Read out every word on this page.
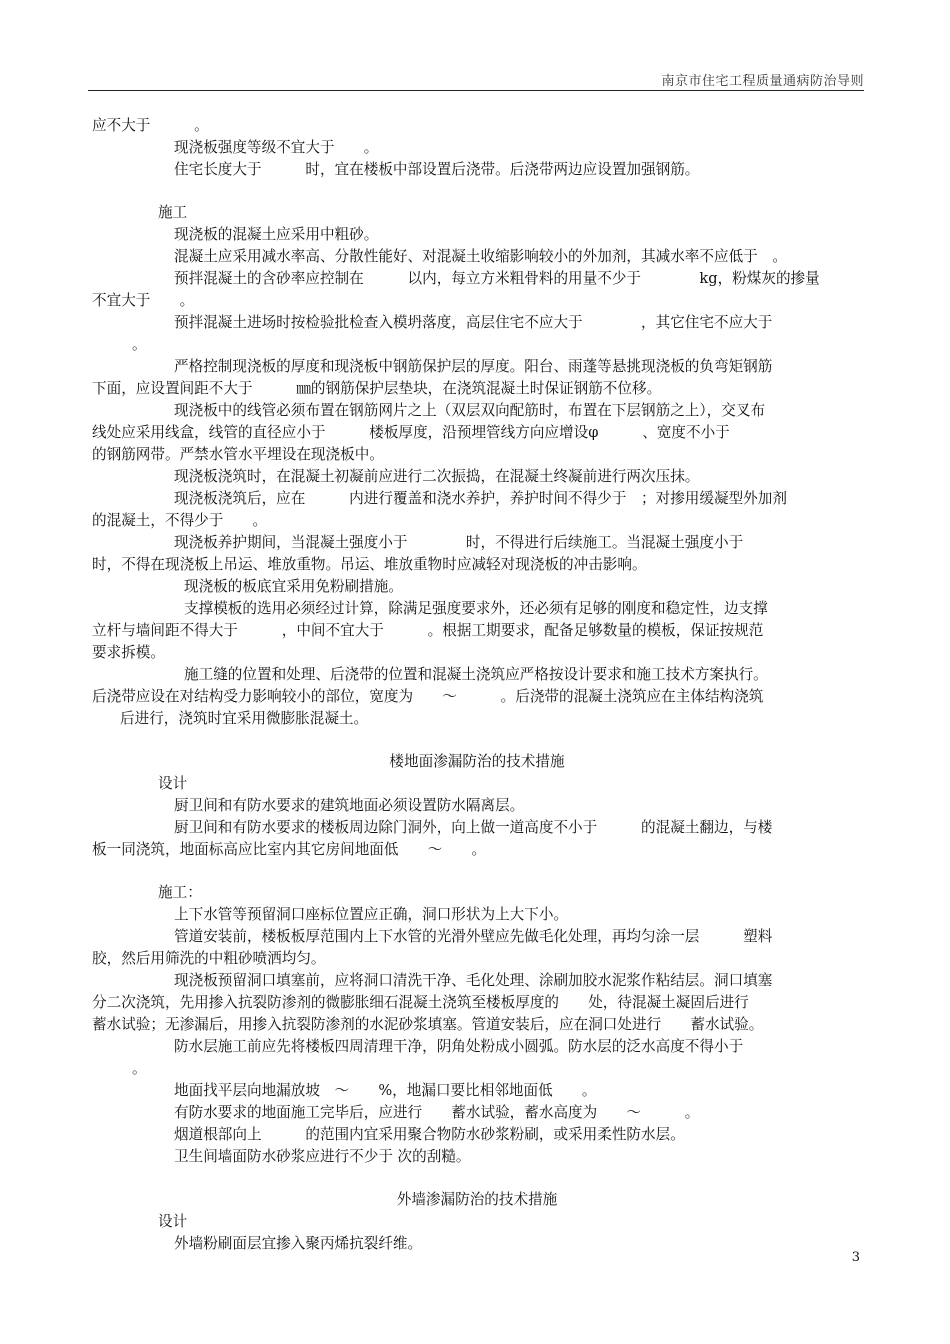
南京市住宅工程质量通病防治导则
应不大于　　　。
现浇板强度等级不宜大于　　。
住宅长度大于　　　时，宜在楼板中部设置后浇带。后浇带两边应设置加强钢筋。
施工
现浇板的混凝土应采用中粗砂。
混凝土应采用减水率高、分散性能好、对混凝土收缩影响较小的外加剂，其减水率不应低于　。
预拌混凝土的含砂率应控制在　　　以内，每立方米粗骨料的用量不少于　　　　kg，粉煤灰的掺量
不宜大于　　。
预拌混凝土进场时按检验批检查入模坍落度，高层住宅不应大于　　　　，其它住宅不应大于
。
严格控制现浇板的厚度和现浇板中钢筋保护层的厚度。阳台、雨蓬等悬挑现浇板的负弯矩钢筋
下面，应设置间距不大于　　　㎜的钢筋保护层垫块，在浇筑混凝土时保证钢筋不位移。
现浇板中的线管必须布置在钢筋网片之上（双层双向配筋时，布置在下层钢筋之上），交叉布
线处应采用线盒，线管的直径应小于　　　楼板厚度，沿预埋管线方向应增设φ　　　、宽度不小于
的钢筋网带。严禁水管水平埋设在现浇板中。
现浇板浇筑时，在混凝土初凝前应进行二次振捣，在混凝土终凝前进行两次压抹。
现浇板浇筑后，应在　　　内进行覆盖和浇水养护，养护时间不得少于　；对掺用缓凝型外加剂
的混凝土，不得少于　　。
现浇板养护期间，当混凝土强度小于　　　　时，不得进行后续施工。当混凝土强度小于
时，不得在现浇板上吊运、堆放重物。吊运、堆放重物时应减轻对现浇板的冲击影响。
现浇板的板底宜采用免粉刷措施。
支撑模板的选用必须经过计算，除满足强度要求外，还必须有足够的刚度和稳定性，边支撑
立杆与墙间距不得大于　　　，中间不宜大于　　　。根据工期要求，配备足够数量的模板，保证按规范
要求拆模。
施工缝的位置和处理、后浇带的位置和混凝土浇筑应严格按设计要求和施工技术方案执行。
后浇带应设在对结构受力影响较小的部位，宽度为　　～　　　。后浇带的混凝土浇筑应在主体结构浇筑
后进行，浇筑时宜采用微膨胀混凝土。
楼地面渗漏防治的技术措施
设计
厨卫间和有防水要求的建筑地面必须设置防水隔离层。
厨卫间和有防水要求的楼板周边除门洞外，向上做一道高度不小于　　　的混凝土翻边，与楼
板一同浇筑，地面标高应比室内其它房间地面低　　～　　。
施工：
上下水管等预留洞口座标位置应正确，洞口形状为上大下小。
管道安装前，楼板板厚范围内上下水管的光滑外壁应先做毛化处理，再均匀涂一层　　　塑料
胶，然后用筛洗的中粗砂喷洒均匀。
现浇板预留洞口填塞前，应将洞口清洗干净、毛化处理、涂刷加胶水泥浆作粘结层。洞口填塞
分二次浇筑，先用掺入抗裂防渗剂的微膨胀细石混凝土浇筑至楼板厚度的　　处，待混凝土凝固后进行
蓄水试验；无渗漏后，用掺入抗裂防渗剂的水泥砂浆填塞。管道安装后，应在洞口处进行　　蓄水试验。
防水层施工前应先将楼板四周清理干净，阴角处粉成小圆弧。防水层的泛水高度不得小于
。
地面找平层向地漏放坡　～　　%，地漏口要比相邻地面低　　。
有防水要求的地面施工完毕后，应进行　　蓄水试验，蓄水高度为　　～　　　。
烟道根部向上　　　的范围内宜采用聚合物防水砂浆粉刷，或采用柔性防水层。
卫生间墙面防水砂浆应进行不少于 次的刮糙。
外墙渗漏防治的技术措施
设计
外墙粉刷面层宜掺入聚丙烯抗裂纤维。
3
